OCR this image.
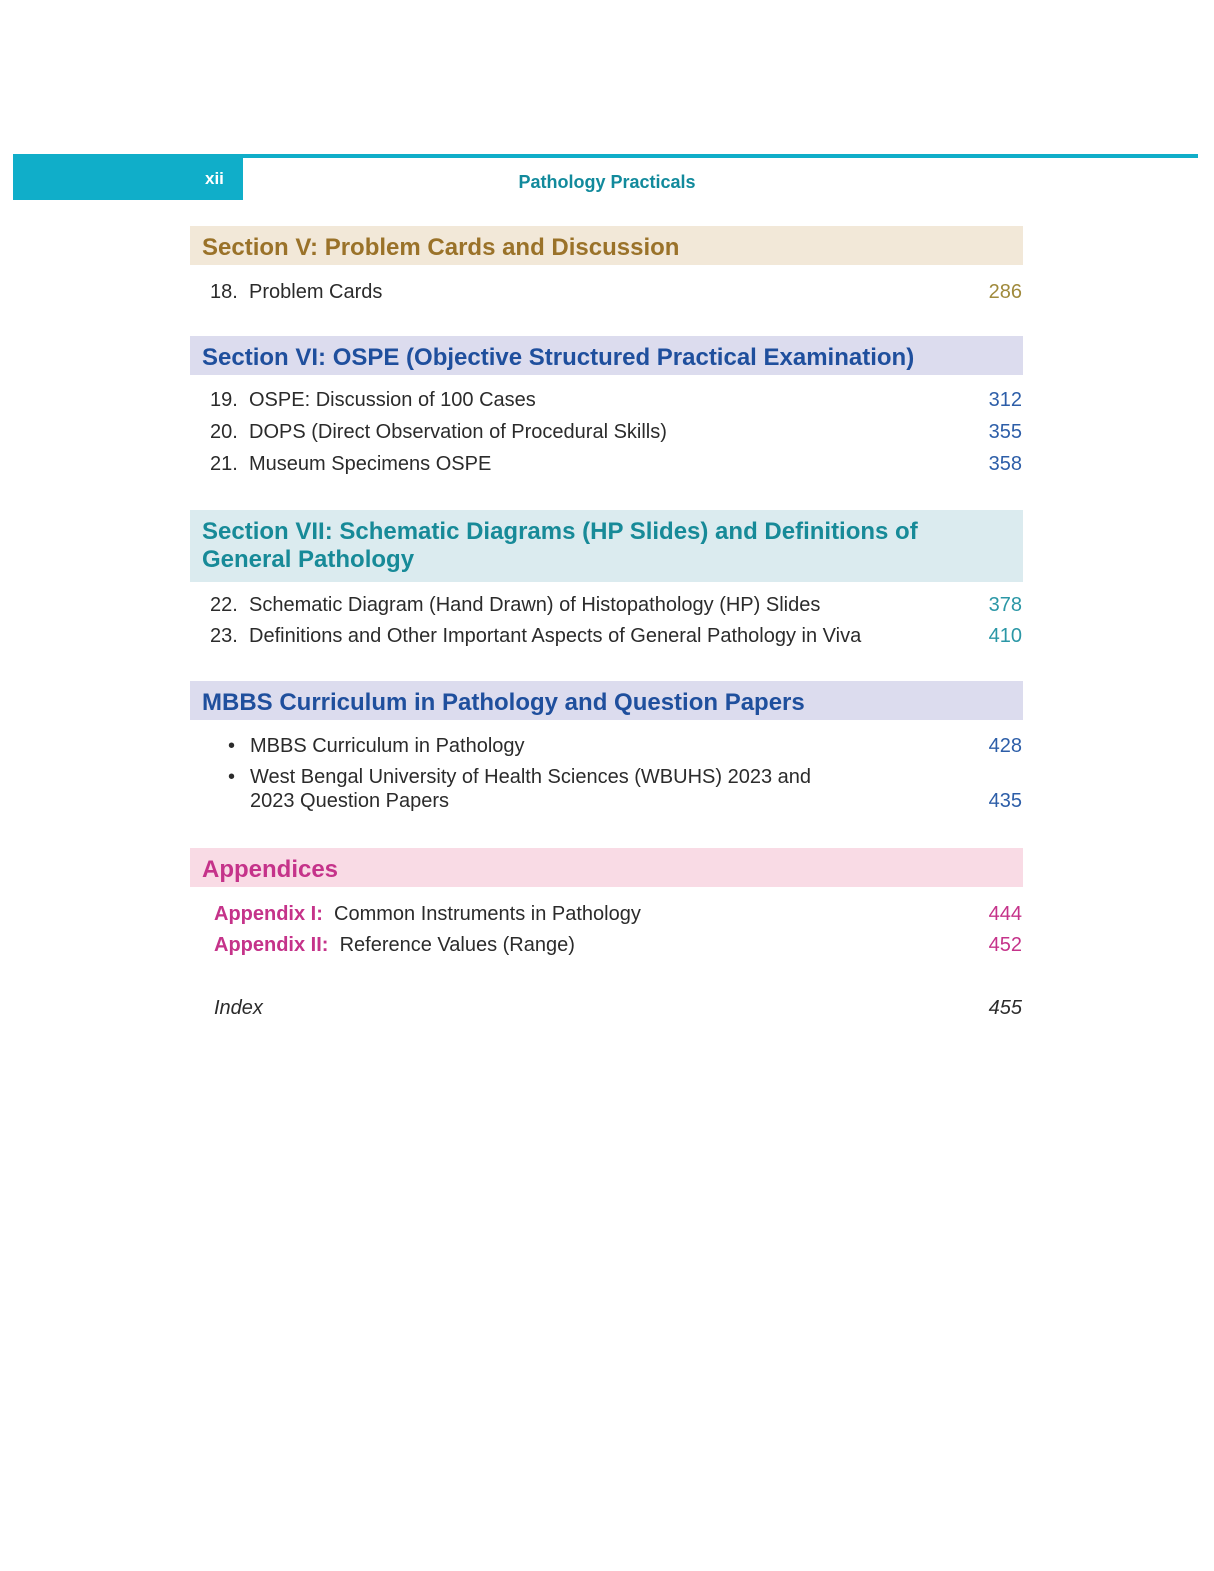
xii	Pathology Practicals
Section V: Problem Cards and Discussion
18. Problem Cards	286
Section VI: OSPE (Objective Structured Practical Examination)
19. OSPE: Discussion of 100 Cases	312
20. DOPS (Direct Observation of Procedural Skills)	355
21. Museum Specimens OSPE	358
Section VII: Schematic Diagrams (HP Slides) and Definitions of
General Pathology
22. Schematic Diagram (Hand Drawn) of Histopathology (HP) Slides	378
23. Definitions and Other Important Aspects of General Pathology in Viva	410
MBBS Curriculum in Pathology and Question Papers
• MBBS Curriculum in Pathology	428
• West Bengal University of Health Sciences (WBUHS) 2023 and
2023 Question Papers	435
Appendices
Appendix I: Common Instruments in Pathology	444
Appendix II: Reference Values (Range)	452
Index	455
